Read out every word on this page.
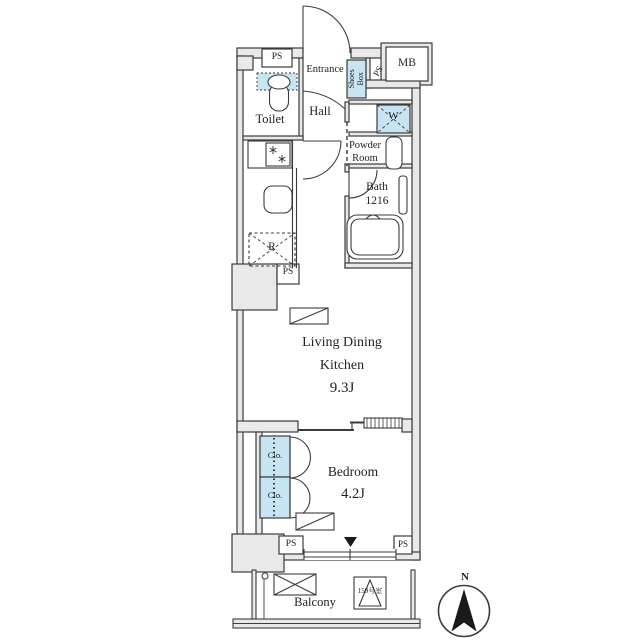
PS
Entrance Shoes Box
PS
MB
Toilet
Hall	W
Powder Room
Bath
1216
R
PS
Living Dining
Kitchen
9.3J
Clo.
Clo.
Bedroom
4.2J
PS	PS
Balcony
159号室
N
